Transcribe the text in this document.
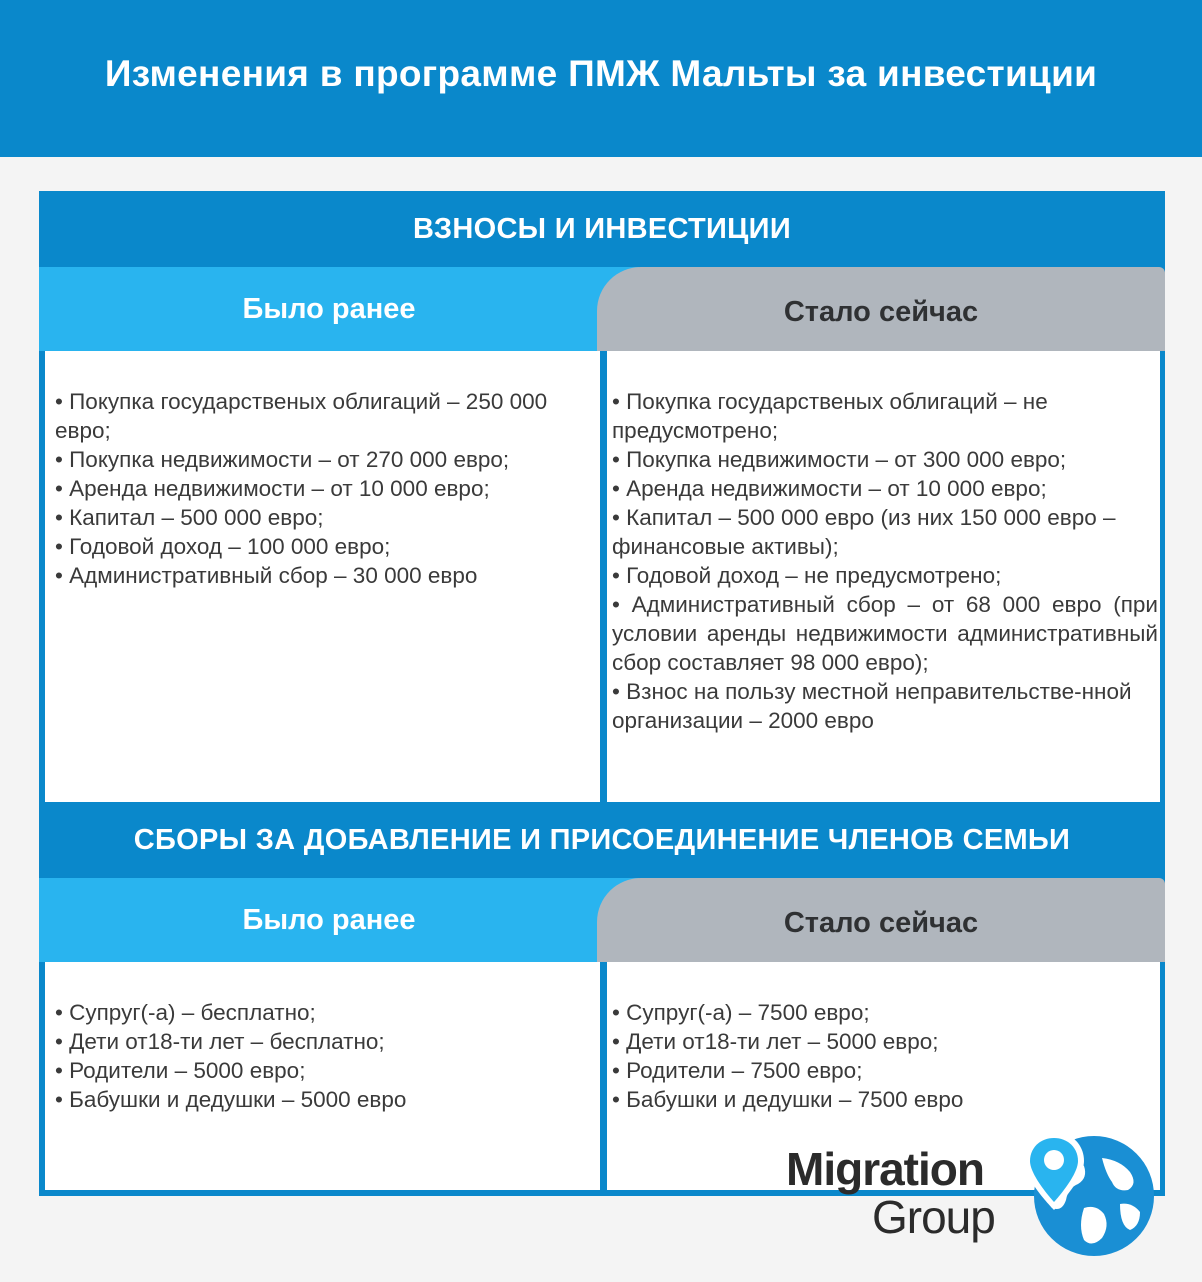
Изменения в программе ПМЖ Мальты за инвестиции
ВЗНОСЫ И ИНВЕСТИЦИИ
Было ранее	Стало сейчас
• Покупка государственых облигаций – 250 000 евро;
• Покупка недвижимости – от 270 000 евро;
• Аренда недвижимости – от 10 000 евро;
• Капитал – 500 000 евро;
• Годовой доход – 100 000 евро;
• Административный сбор – 30 000 евро
• Покупка государственых облигаций – не предусмотрено;
• Покупка недвижимости – от 300 000 евро;
• Аренда недвижимости – от 10 000 евро;
• Капитал – 500 000 евро (из них 150 000 евро – финансовые активы);
• Годовой доход – не предусмотрено;
• Административный сбор – от 68 000 евро (при условии аренды недвижимости административный сбор составляет 98 000 евро);
• Взнос на пользу местной неправительстве-нной организации – 2000 евро
СБОРЫ ЗА ДОБАВЛЕНИЕ И ПРИСОЕДИНЕНИЕ ЧЛЕНОВ СЕМЬИ
Было ранее	Стало сейчас
• Супруг(-а) – бесплатно;
• Дети от18-ти лет – бесплатно;
• Родители – 5000 евро;
• Бабушки и дедушки – 5000 евро
• Супруг(-а) – 7500 евро;
• Дети от18-ти лет – 5000 евро;
• Родители – 7500 евро;
• Бабушки и дедушки – 7500 евро
Migration
Group
